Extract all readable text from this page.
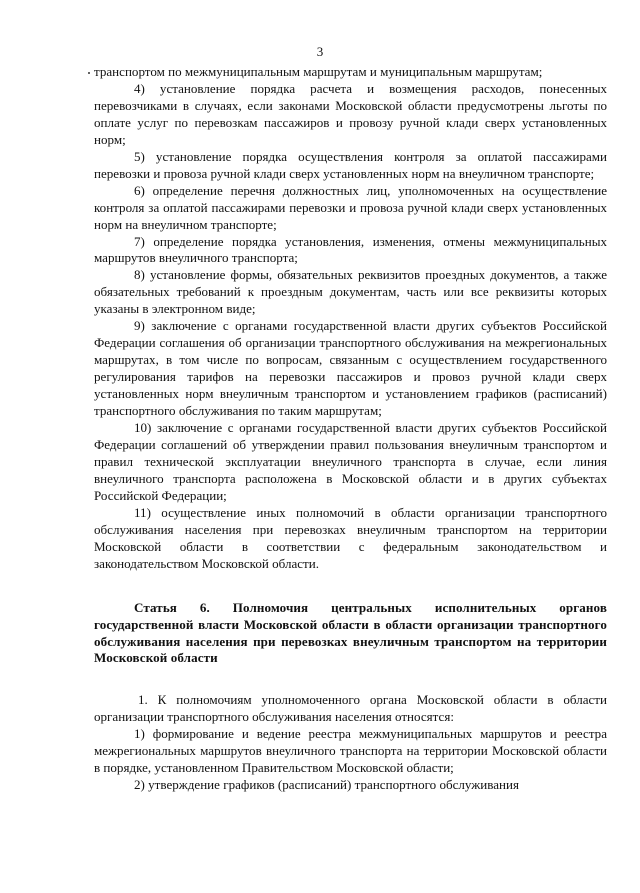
3

транспортом по межмуниципальным маршрутам и муниципальным маршрутам;

4) установление порядка расчета и возмещения расходов, понесенных перевозчиками в случаях, если законами Московской области предусмотрены льготы по оплате услуг по перевозкам пассажиров и провозу ручной клади сверх установленных норм;

5) установление порядка осуществления контроля за оплатой пассажирами перевозки и провоза ручной клади сверх установленных норм на внеуличном транспорте;

6) определение перечня должностных лиц, уполномоченных на осуществление контроля за оплатой пассажирами перевозки и провоза ручной клади сверх установленных норм на внеуличном транспорте;

7) определение порядка установления, изменения, отмены межмуниципальных маршрутов внеуличного транспорта;

8) установление формы, обязательных реквизитов проездных документов, а также обязательных требований к проездным документам, часть или все реквизиты которых указаны в электронном виде;

9) заключение с органами государственной власти других субъектов Российской Федерации соглашения об организации транспортного обслуживания на межрегиональных маршрутах, в том числе по вопросам, связанным с осуществлением государственного регулирования тарифов на перевозки пассажиров и провоз ручной клади сверх установленных норм внеуличным транспортом и установлением графиков (расписаний) транспортного обслуживания по таким маршрутам;

10) заключение с органами государственной власти других субъектов Российской Федерации соглашений об утверждении правил пользования внеуличным транспортом и правил технической эксплуатации внеуличного транспорта в случае, если линия внеуличного транспорта расположена в Московской области и в других субъектах Российской Федерации;

11) осуществление иных полномочий в области организации транспортного обслуживания населения при перевозках внеуличным транспортом на территории Московской области в соответствии с федеральным законодательством и законодательством Московской области.

Статья 6. Полномочия центральных исполнительных органов государственной власти Московской области в области организации транспортного обслуживания населения при перевозках внеуличным транспортом на территории Московской области

1. К полномочиям уполномоченного органа Московской области в области организации транспортного обслуживания населения относятся:

1) формирование и ведение реестра межмуниципальных маршрутов и реестра межрегиональных маршрутов внеуличного транспорта на территории Московской области в порядке, установленном Правительством Московской области;

2) утверждение графиков (расписаний) транспортного обслуживания
